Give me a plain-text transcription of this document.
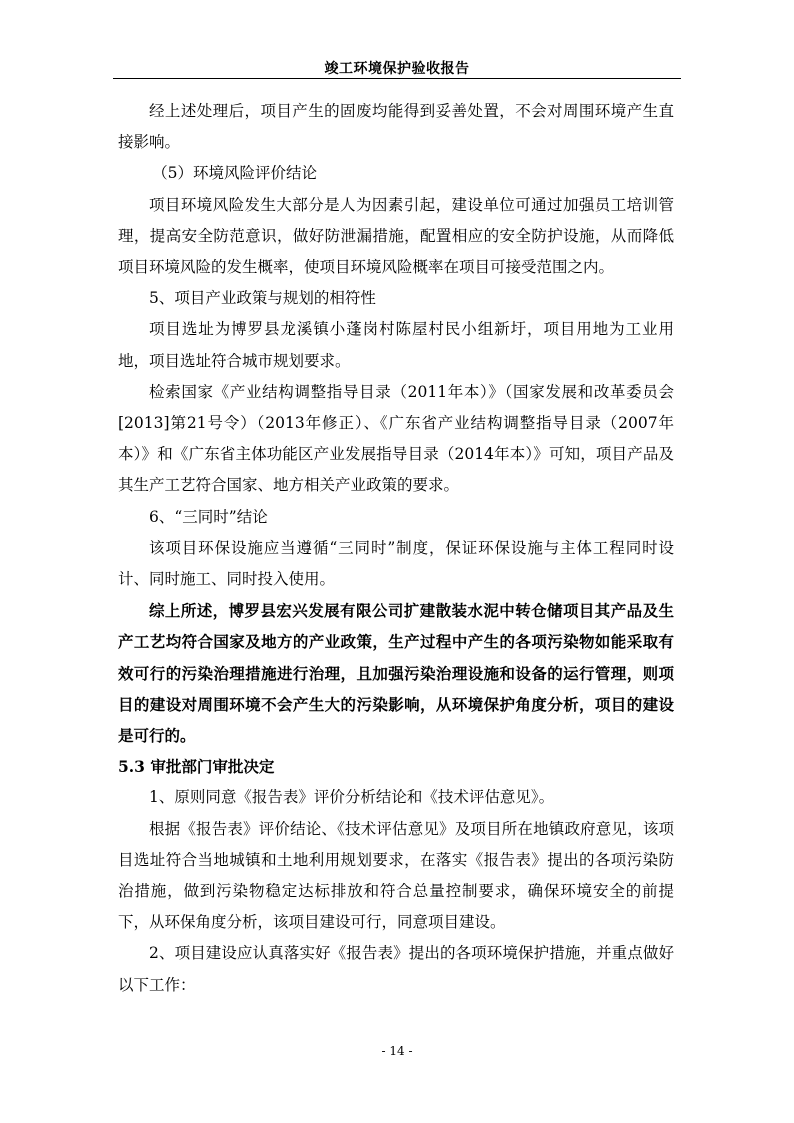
竣工环境保护验收报告

经上述处理后，项目产生的固废均能得到妥善处置，不会对周围环境产生直接影响。

（5）环境风险评价结论

项目环境风险发生大部分是人为因素引起，建设单位可通过加强员工培训管理，提高安全防范意识，做好防泄漏措施，配置相应的安全防护设施，从而降低项目环境风险的发生概率，使项目环境风险概率在项目可接受范围之内。

5、项目产业政策与规划的相符性

项目选址为博罗县龙溪镇小蓬岗村陈屋村民小组新圩，项目用地为工业用地，项目选址符合城市规划要求。

检索国家《产业结构调整指导目录（2011年本）》（国家发展和改革委员会[2013]第21号令）（2013年修正）、《广东省产业结构调整指导目录（2007年本）》和《广东省主体功能区产业发展指导目录（2014年本）》可知，项目产品及其生产工艺符合国家、地方相关产业政策的要求。

6、“三同时”结论

该项目环保设施应当遵循“三同时”制度，保证环保设施与主体工程同时设计、同时施工、同时投入使用。

综上所述，博罗县宏兴发展有限公司扩建散装水泥中转仓储项目其产品及生产工艺均符合国家及地方的产业政策，生产过程中产生的各项污染物如能采取有效可行的污染治理措施进行治理，且加强污染治理设施和设备的运行管理，则项目的建设对周围环境不会产生大的污染影响，从环境保护角度分析，项目的建设是可行的。

5.3 审批部门审批决定

1、原则同意《报告表》评价分析结论和《技术评估意见》。

根据《报告表》评价结论、《技术评估意见》及项目所在地镇政府意见，该项目选址符合当地城镇和土地利用规划要求，在落实《报告表》提出的各项污染防治措施，做到污染物稳定达标排放和符合总量控制要求，确保环境安全的前提下，从环保角度分析，该项目建设可行，同意项目建设。

2、项目建设应认真落实好《报告表》提出的各项环境保护措施，并重点做好以下工作：

- 14 -
